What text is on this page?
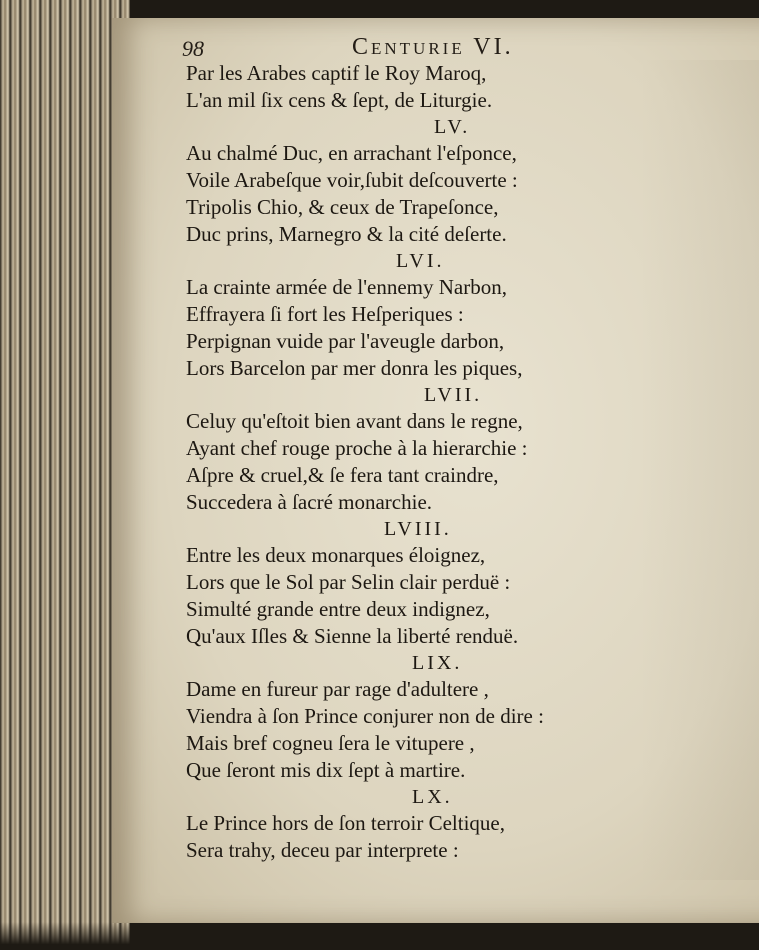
98	Centurie VI.
Par les Arabes captif le Roy Maroq,
L'an mil ſix cens & ſept, de Liturgie.
LV.
Au chalmé Duc, en arrachant l'eſponce,
Voile Arabeſque voir,ſubit deſcouverte :
Tripolis Chio, & ceux de Trapeſonce,
Duc prins, Marnegro & la cité deſerte.
LVI.
La crainte armée de l'ennemy Narbon,
Effrayera ſi fort les Heſperiques :
Perpignan vuide par l'aveugle darbon,
Lors Barcelon par mer donra les piques,
LVII.
Celuy qu'eſtoit bien avant dans le regne,
Ayant chef rouge proche à la hierarchie :
Aſpre & cruel,& ſe fera tant craindre,
Succedera à ſacré monarchie.
LVIII.
Entre les deux monarques éloignez,
Lors que le Sol par Selin clair perduë :
Simulté grande entre deux indignez,
Qu'aux Iſles & Sienne la liberté renduë.
LIX.
Dame en fureur par rage d'adultere ,
Viendra à ſon Prince conjurer non de dire :
Mais bref cogneu ſera le vitupere ,
Que ſeront mis dix ſept à martire.
LX.
Le Prince hors de ſon terroir Celtique,
Sera trahy, deceu par interprete :
